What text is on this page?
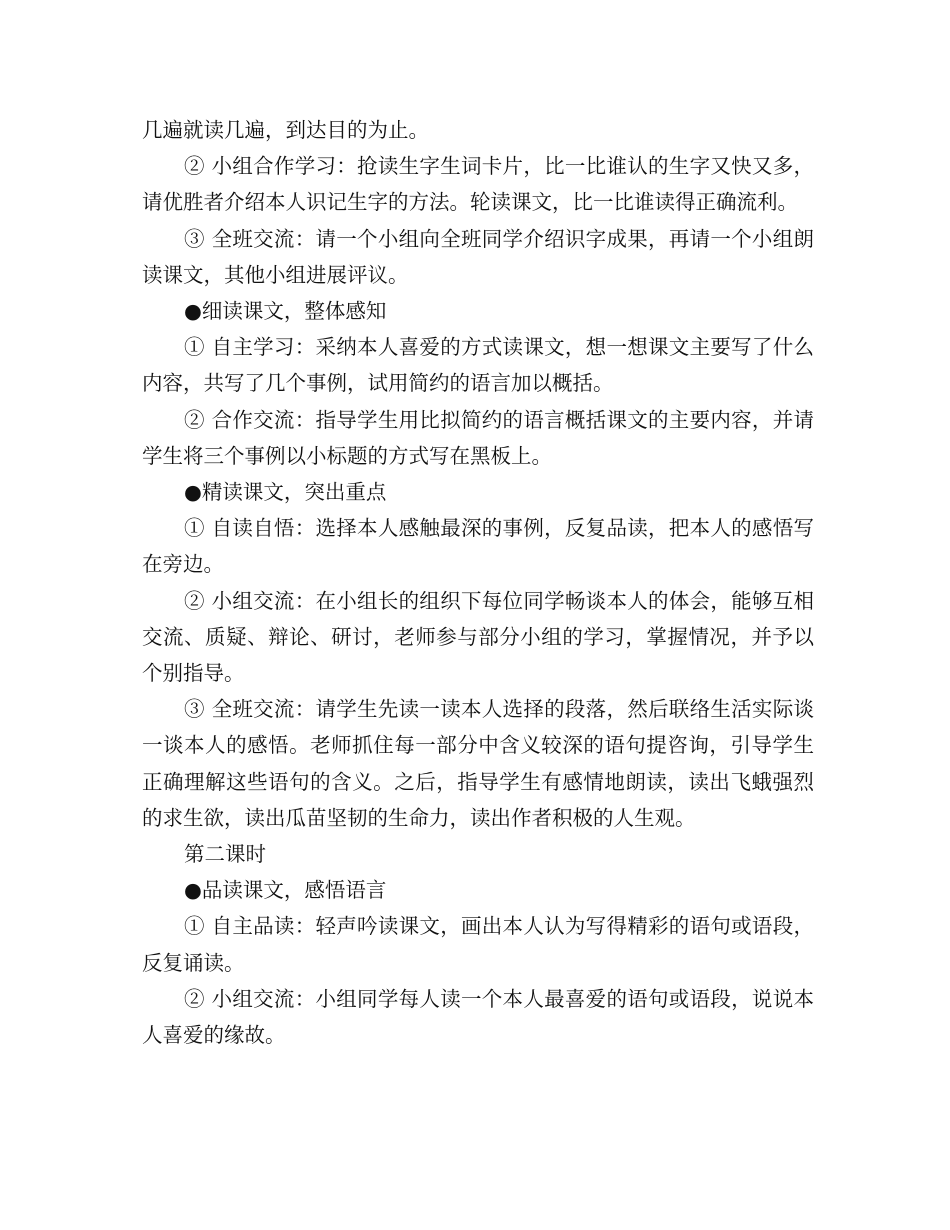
几遍就读几遍，到达目的为止。

② 小组合作学习：抢读生字生词卡片，比一比谁认的生字又快又多，请优胜者介绍本人识记生字的方法。轮读课文，比一比谁读得正确流利。

③ 全班交流：请一个小组向全班同学介绍识字成果，再请一个小组朗读课文，其他小组进展评议。

●细读课文，整体感知

① 自主学习：采纳本人喜爱的方式读课文，想一想课文主要写了什么内容，共写了几个事例，试用简约的语言加以概括。

② 合作交流：指导学生用比拟简约的语言概括课文的主要内容，并请学生将三个事例以小标题的方式写在黑板上。

●精读课文，突出重点

① 自读自悟：选择本人感触最深的事例，反复品读，把本人的感悟写在旁边。

② 小组交流：在小组长的组织下每位同学畅谈本人的体会，能够互相交流、质疑、辩论、研讨，老师参与部分小组的学习，掌握情况，并予以个别指导。

③ 全班交流：请学生先读一读本人选择的段落，然后联络生活实际谈一谈本人的感悟。老师抓住每一部分中含义较深的语句提咨询，引导学生正确理解这些语句的含义。之后，指导学生有感情地朗读，读出飞蛾强烈的求生欲，读出瓜苗坚韧的生命力，读出作者积极的人生观。

第二课时

●品读课文，感悟语言

① 自主品读：轻声吟读课文，画出本人认为写得精彩的语句或语段，反复诵读。

② 小组交流：小组同学每人读一个本人最喜爱的语句或语段，说说本人喜爱的缘故。
